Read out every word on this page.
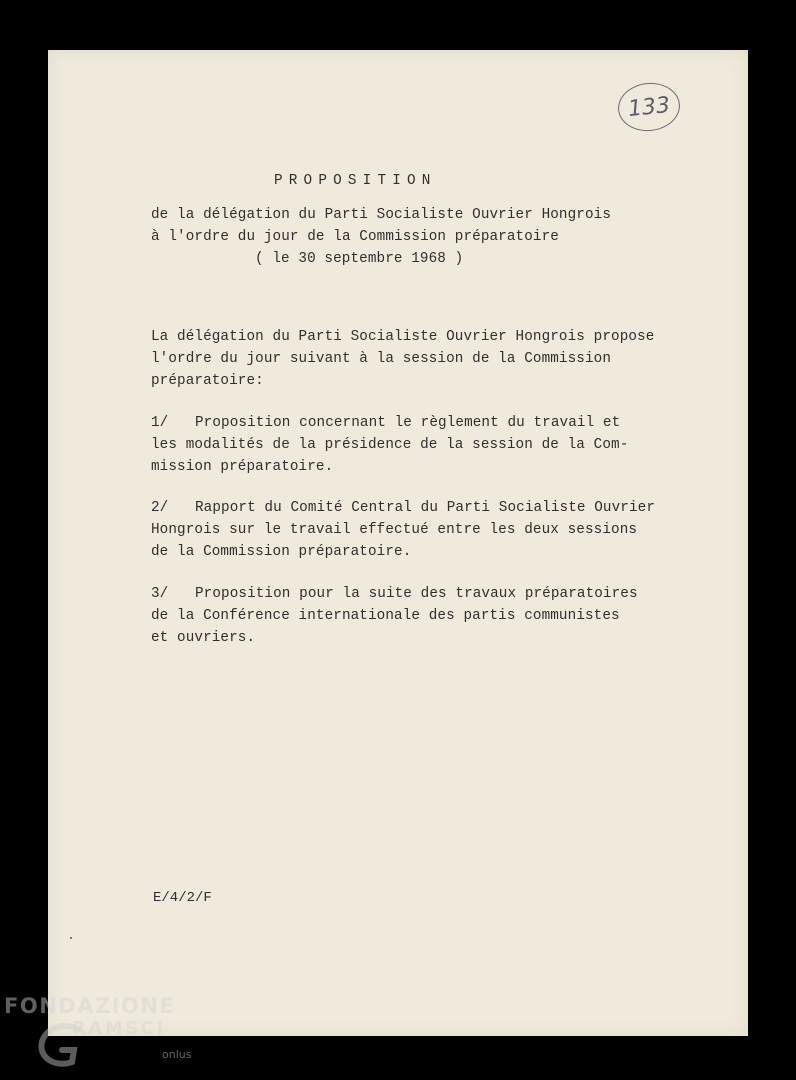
133
PROPOSITION
de la délégation du Parti Socialiste Ouvrier Hongrois
à l'ordre du jour de la Commission préparatoire
( le 30 septembre 1968 )
La délégation du Parti Socialiste Ouvrier Hongrois propose
l'ordre du jour suivant à la session de la Commission
préparatoire:
1/ Proposition concernant le règlement du travail et
les modalités de la présidence de la session de la Com-
mission préparatoire.
2/ Rapport du Comité Central du Parti Socialiste Ouvrier
Hongrois sur le travail effectué entre les deux sessions
de la Commission préparatoire.
3/ Proposition pour la suite des travaux préparatoires
de la Conférence internationale des partis communistes
et ouvriers.
E/4/2/F
FONDAZIONE
RAMSCI
onlus
